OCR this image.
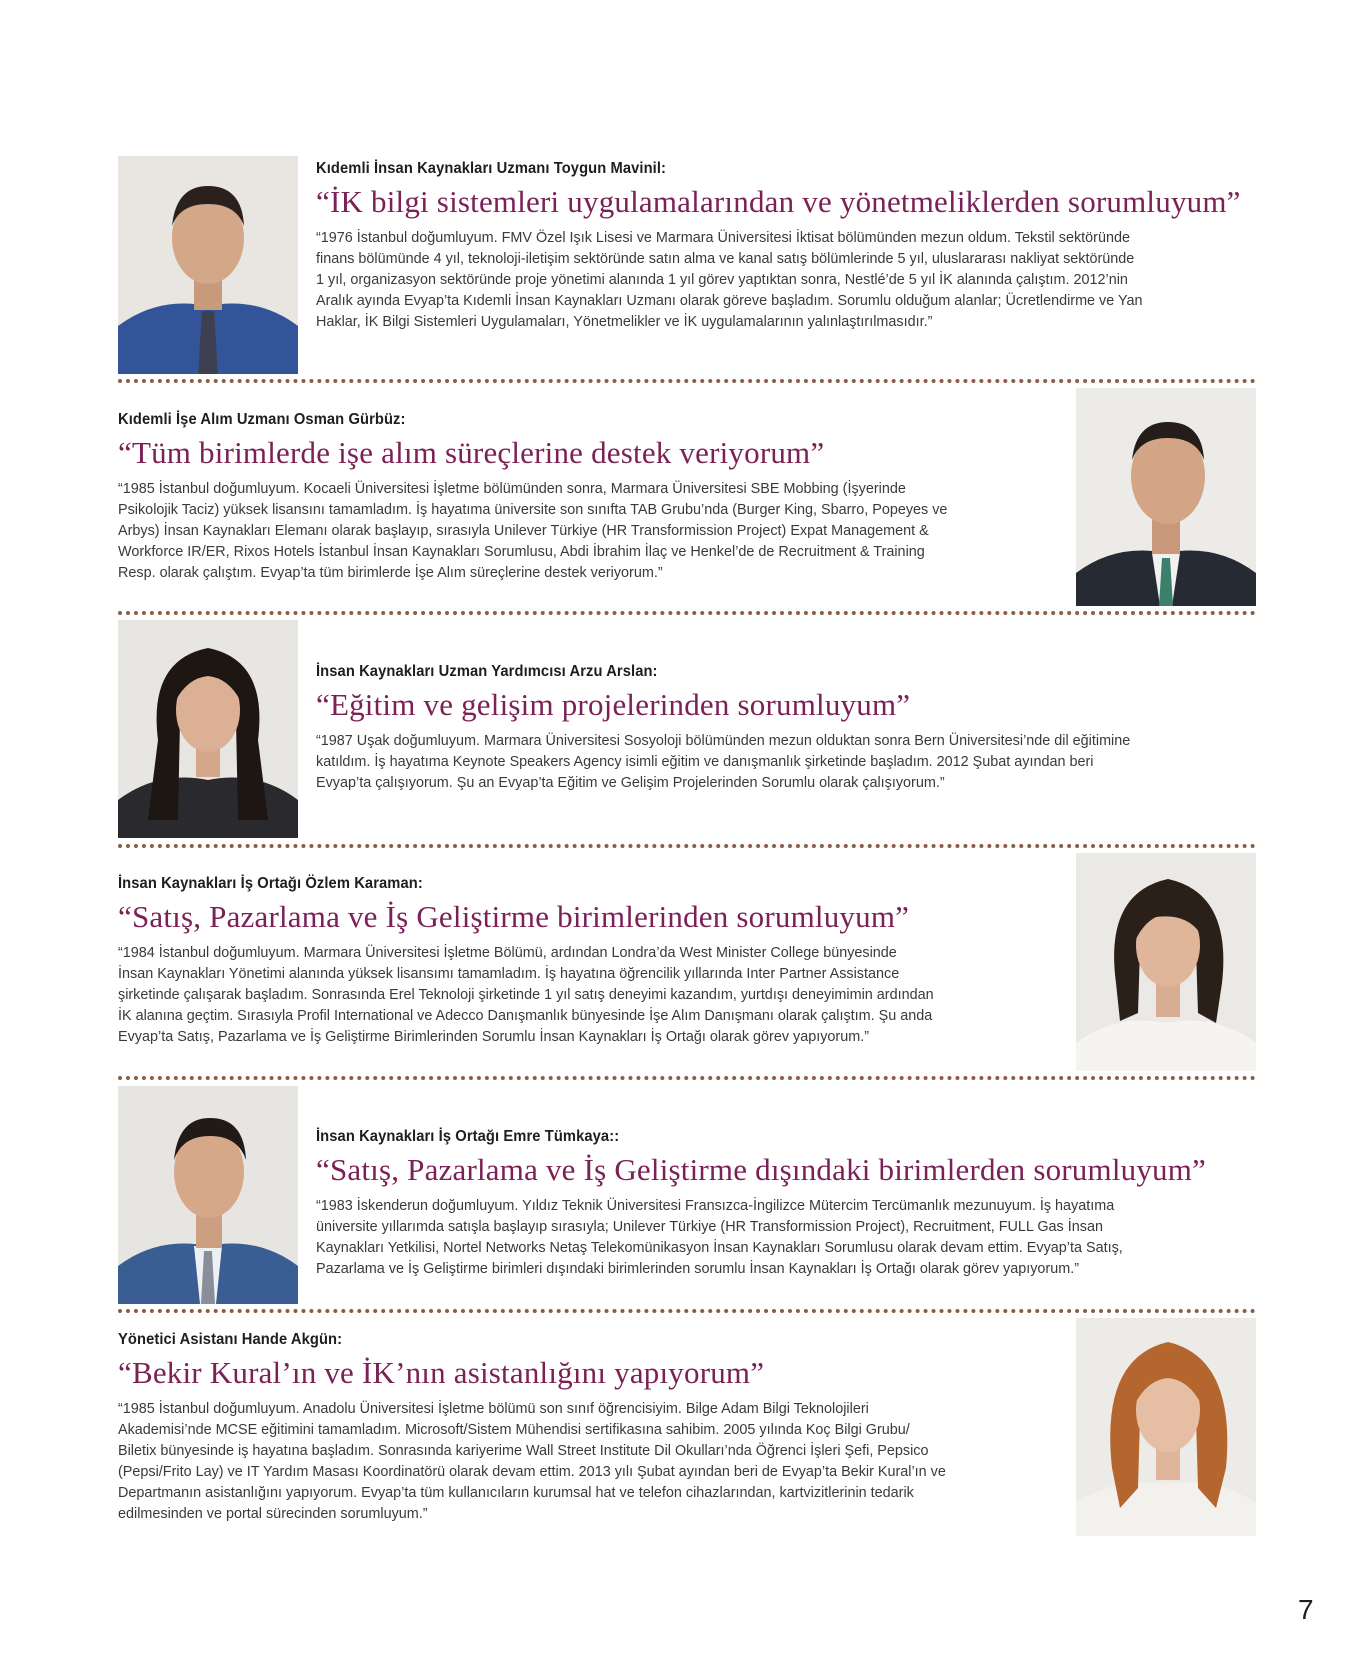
Kıdemli İnsan Kaynakları Uzmanı Toygun Mavinil:
“İK bilgi sistemleri uygulamalarından ve yönetmeliklerden sorumluyum”
“1976 İstanbul doğumluyum. FMV Özel Işık Lisesi ve Marmara Üniversitesi İktisat bölümünden mezun oldum. Tekstil sektöründe
finans bölümünde 4 yıl, teknoloji-iletişim sektöründe satın alma ve kanal satış bölümlerinde 5 yıl, uluslararası nakliyat sektöründe
1 yıl, organizasyon sektöründe proje yönetimi alanında 1 yıl görev yaptıktan sonra, Nestlé’de 5 yıl İK alanında çalıştım. 2012’nin
Aralık ayında Evyap’ta Kıdemli İnsan Kaynakları Uzmanı olarak göreve başladım. Sorumlu olduğum alanlar; Ücretlendirme ve Yan
Haklar, İK Bilgi Sistemleri Uygulamaları, Yönetmelikler ve İK uygulamalarının yalınlaştırılmasıdır.”
Kıdemli İşe Alım Uzmanı Osman Gürbüz:
“Tüm birimlerde işe alım süreçlerine destek veriyorum”
“1985 İstanbul doğumluyum. Kocaeli Üniversitesi İşletme bölümünden sonra, Marmara Üniversitesi SBE Mobbing (İşyerinde
Psikolojik Taciz) yüksek lisansını tamamladım. İş hayatıma üniversite son sınıfta TAB Grubu’nda (Burger King, Sbarro, Popeyes ve
Arbys) İnsan Kaynakları Elemanı olarak başlayıp, sırasıyla Unilever Türkiye (HR Transformission Project) Expat Management &
Workforce IR/ER, Rixos Hotels İstanbul İnsan Kaynakları Sorumlusu, Abdi İbrahim İlaç ve Henkel’de de Recruitment & Training
Resp. olarak çalıştım. Evyap’ta tüm birimlerde İşe Alım süreçlerine destek veriyorum.”
İnsan Kaynakları Uzman Yardımcısı Arzu Arslan:
“Eğitim ve gelişim projelerinden sorumluyum”
“1987 Uşak doğumluyum. Marmara Üniversitesi Sosyoloji bölümünden mezun olduktan sonra Bern Üniversitesi’nde dil eğitimine
katıldım. İş hayatıma Keynote Speakers Agency isimli eğitim ve danışmanlık şirketinde başladım. 2012 Şubat ayından beri
Evyap’ta çalışıyorum. Şu an Evyap’ta Eğitim ve Gelişim Projelerinden Sorumlu olarak çalışıyorum.”
İnsan Kaynakları İş Ortağı Özlem Karaman:
“Satış, Pazarlama ve İş Geliştirme birimlerinden sorumluyum”
“1984 İstanbul doğumluyum. Marmara Üniversitesi İşletme Bölümü, ardından Londra’da West Minister College bünyesinde
İnsan Kaynakları Yönetimi alanında yüksek lisansımı tamamladım. İş hayatına öğrencilik yıllarında Inter Partner Assistance
şirketinde çalışarak başladım. Sonrasında Erel Teknoloji şirketinde 1 yıl satış deneyimi kazandım, yurtdışı deneyimimin ardından
İK alanına geçtim. Sırasıyla Profil International ve Adecco Danışmanlık bünyesinde İşe Alım Danışmanı olarak çalıştım. Şu anda
Evyap’ta Satış, Pazarlama ve İş Geliştirme Birimlerinden Sorumlu İnsan Kaynakları İş Ortağı olarak görev yapıyorum.”
İnsan Kaynakları İş Ortağı Emre Tümkaya::
“Satış, Pazarlama ve İş Geliştirme dışındaki birimlerden sorumluyum”
“1983 İskenderun doğumluyum. Yıldız Teknik Üniversitesi Fransızca-İngilizce Mütercim Tercümanlık mezunuyum. İş hayatıma
üniversite yıllarımda satışla başlayıp sırasıyla; Unilever Türkiye (HR Transformission Project), Recruitment, FULL Gas İnsan
Kaynakları Yetkilisi, Nortel Networks Netaş Telekomünikasyon İnsan Kaynakları Sorumlusu olarak devam ettim. Evyap’ta Satış,
Pazarlama ve İş Geliştirme birimleri dışındaki birimlerinden sorumlu İnsan Kaynakları İş Ortağı olarak görev yapıyorum.”
Yönetici Asistanı Hande Akgün:
“Bekir Kural’ın ve İK’nın asistanlığını yapıyorum”
“1985 İstanbul doğumluyum. Anadolu Üniversitesi İşletme bölümü son sınıf öğrencisiyim. Bilge Adam Bilgi Teknolojileri
Akademisi’nde MCSE eğitimini tamamladım. Microsoft/Sistem Mühendisi sertifikasına sahibim. 2005 yılında Koç Bilgi Grubu/
Biletix bünyesinde iş hayatına başladım. Sonrasında kariyerime Wall Street Institute Dil Okulları’nda Öğrenci İşleri Şefi, Pepsico
(Pepsi/Frito Lay) ve IT Yardım Masası Koordinatörü olarak devam ettim. 2013 yılı Şubat ayından beri de Evyap’ta Bekir Kural’ın ve
Departmanın asistanlığını yapıyorum. Evyap’ta tüm kullanıcıların kurumsal hat ve telefon cihazlarından, kartvizitlerinin tedarik
edilmesinden ve portal sürecinden sorumluyum.”
7
